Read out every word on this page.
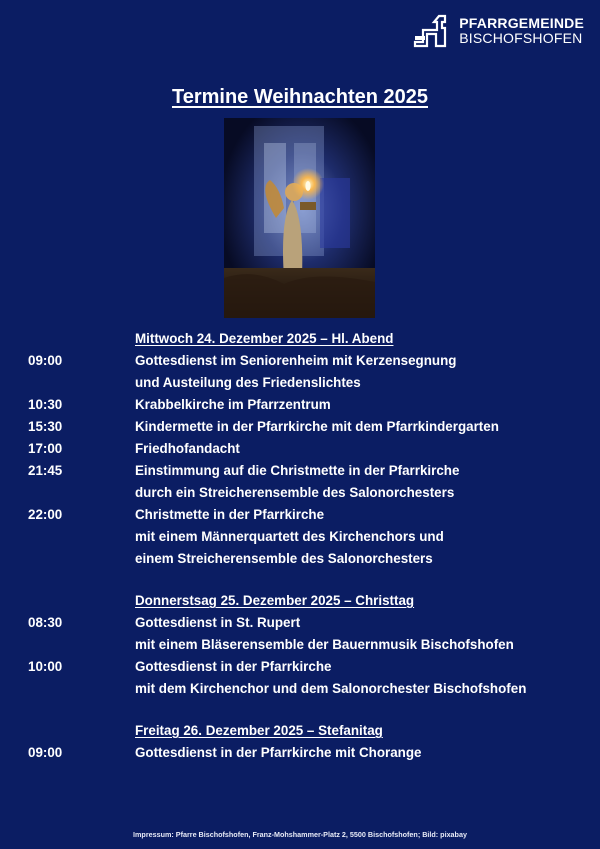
PFARRGEMEINDE
BISCHOFSHOFEN
Termine Weihnachten 2025
Mittwoch 24. Dezember 2025 – Hl. Abend
09:00	Gottesdienst im Seniorenheim mit Kerzensegnung
und Austeilung des Friedenslichtes
10:30	Krabbelkirche im Pfarrzentrum
15:30	Kindermette in der Pfarrkirche mit dem Pfarrkindergarten
17:00	Friedhofandacht
21:45	Einstimmung auf die Christmette in der Pfarrkirche
durch ein Streicherensemble des Salonorchesters
22:00	Christmette in der Pfarrkirche
mit einem Männerquartett des Kirchenchors und
einem Streicherensemble des Salonorchesters
Donnerstsag 25. Dezember 2025 – Christtag
08:30	Gottesdienst in St. Rupert
mit einem Bläserensemble der Bauernmusik Bischofshofen
10:00	Gottesdienst in der Pfarrkirche
mit dem Kirchenchor und dem Salonorchester Bischofshofen
Freitag 26. Dezember 2025 – Stefanitag
09:00	Gottesdienst in der Pfarrkirche mit Chorange
Impressum: Pfarre Bischofshofen, Franz-Mohshammer-Platz 2, 5500 Bischofshofen; Bild: pixabay
